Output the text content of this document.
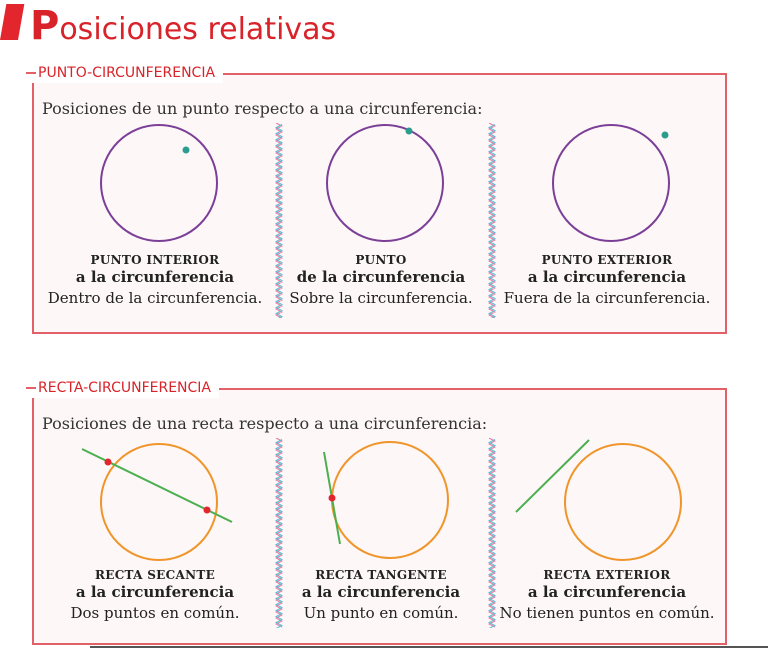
Posiciones relativas
PUNTO-CIRCUNFERENCIA
Posiciones de un punto respecto a una circunferencia:
PUNTO INTERIOR
a la circunferencia
Dentro de la circunferencia.
PUNTO
de la circunferencia
Sobre la circunferencia.
PUNTO EXTERIOR
a la circunferencia
Fuera de la circunferencia.
RECTA-CIRCUNFERENCIA
Posiciones de una recta respecto a una circunferencia:
RECTA SECANTE
a la circunferencia
Dos puntos en común.
RECTA TANGENTE
a la circunferencia
Un punto en común.
RECTA EXTERIOR
a la circunferencia
No tienen puntos en común.
